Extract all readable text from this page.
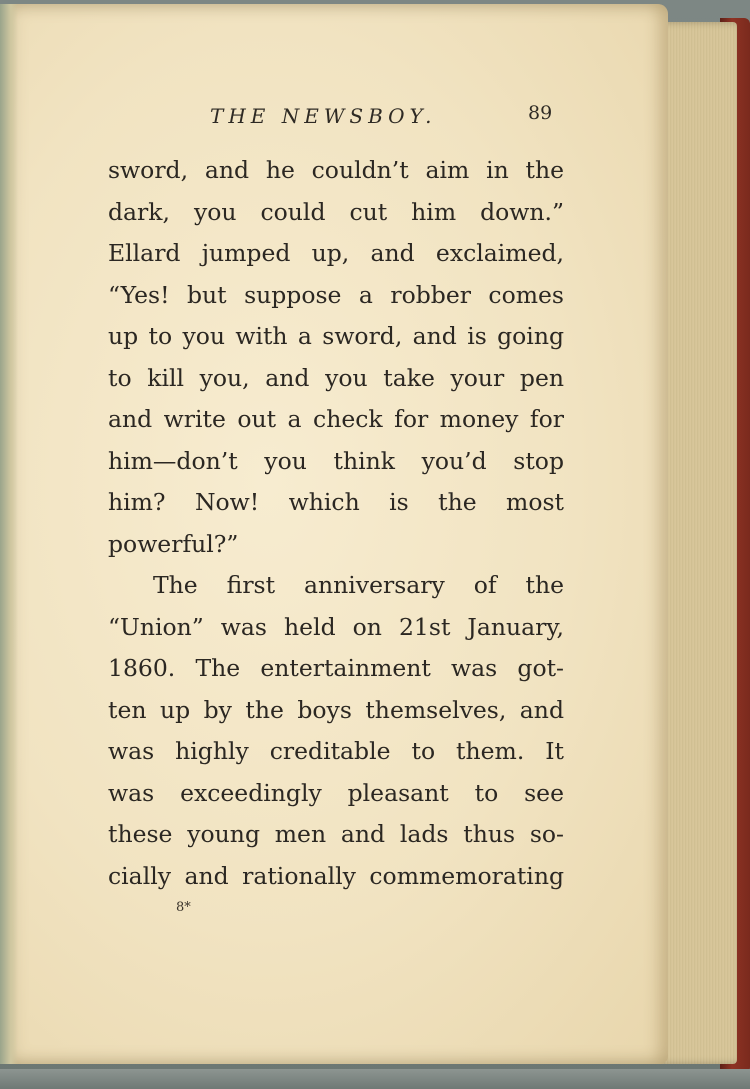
THE NEWSBOY.	89
sword, and he couldn’t aim in the
dark, you could cut him down.”
Ellard jumped up, and exclaimed,
“Yes! but suppose a robber comes
up to you with a sword, and is going
to kill you, and you take your pen
and write out a check for money for
him—don’t you think you’d stop
him? Now! which is the most
powerful?”
The first anniversary of the
“Union” was held on 21st January,
1860. The entertainment was got-
ten up by the boys themselves, and
was highly creditable to them. It
was exceedingly pleasant to see
these young men and lads thus so-
cially and rationally commemorating
8*
